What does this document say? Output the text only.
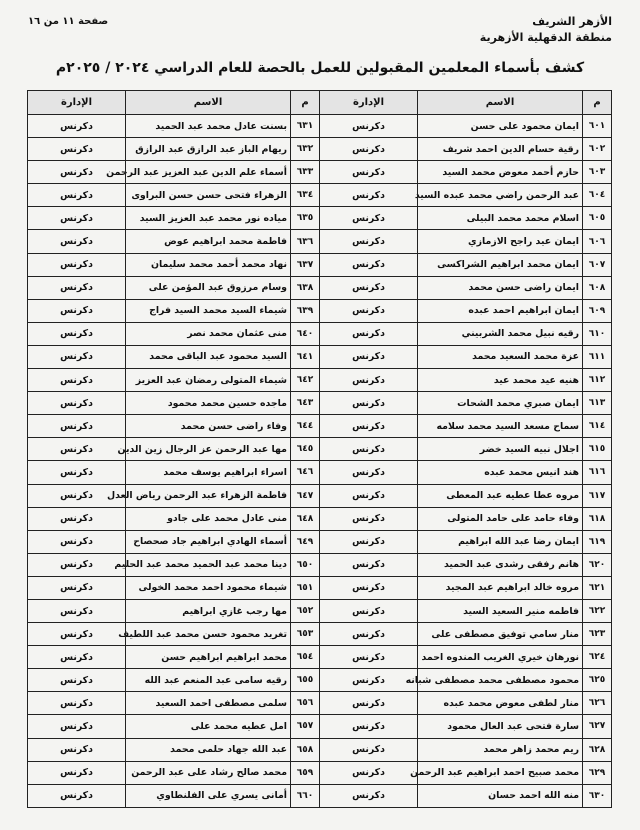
الأزهر الشريف
منطقة الدقهلية الأزهرية
صفحة ١١ من ١٦
كشف بأسماء المعلمين المقبولين للعمل بالحصة للعام الدراسي ٢٠٢٤ / ٢٠٢٥م
م
الاسم
الإدارة
٦٠١
ايمان محمود على حسن
دكرنس
٦٠٢
رقية حسام الدين احمد شريف
دكرنس
٦٠٣
حازم أحمد معوض محمد السيد
دكرنس
٦٠٤
عبد الرحمن راضي محمد عبده السيد
دكرنس
٦٠٥
اسلام محمد محمد البيلى
دكرنس
٦٠٦
ايمان عيد راجح الازمازي
دكرنس
٦٠٧
ايمان محمد ابراهيم الشراكسى
دكرنس
٦٠٨
ايمان راضى حسن محمد
دكرنس
٦٠٩
ايمان ابراهيم احمد عبده
دكرنس
٦١٠
رقيه نبيل محمد الشربيني
دكرنس
٦١١
عزة محمد السعيد محمد
دكرنس
٦١٢
هنيه عيد محمد عيد
دكرنس
٦١٣
ايمان صبري محمد الشحات
دكرنس
٦١٤
سماح مسعد السيد محمد سلامه
دكرنس
٦١٥
اجلال نبيه السيد خضر
دكرنس
٦١٦
هند انيس محمد عبده
دكرنس
٦١٧
مروه عطا عطيه عبد المعطى
دكرنس
٦١٨
وفاء حامد على حامد المتولى
دكرنس
٦١٩
ايمان رضا عبد الله ابراهيم
دكرنس
٦٢٠
هانم رفقى رشدى عبد الحميد
دكرنس
٦٢١
مروه خالد ابراهيم عبد المجيد
دكرنس
٦٢٢
فاطمه منير السعيد السيد
دكرنس
٦٢٣
منار سامي توفيق مصطفى على
دكرنس
٦٢٤
نورهان خيري الغريب المندوه احمد
دكرنس
٦٢٥
محمود مصطفى محمد مصطفى شبانه
دكرنس
٦٢٦
منار لطفى معوض محمد عبده
دكرنس
٦٢٧
سارة فتحى عبد العال محمود
دكرنس
٦٢٨
ريم محمد زاهر محمد
دكرنس
٦٢٩
محمد صبيح احمد ابراهيم عبد الرحمن
دكرنس
٦٣٠
منه الله احمد حسان
دكرنس
م
الاسم
الإدارة
٦٣١
بسنت عادل محمد عبد الحميد
دكرنس
٦٣٢
ريهام الباز عبد الرازق عبد الرازق
دكرنس
٦٣٣
أسماء علم الدين عبد العزيز عبد الرحمن
دكرنس
٦٣٤
الزهراء فتحى حسن حسن البراوى
دكرنس
٦٣٥
مياده نور محمد عبد العزيز السيد
دكرنس
٦٣٦
فاطمة محمد ابراهيم عوض
دكرنس
٦٣٧
نهاد محمد أحمد محمد سليمان
دكرنس
٦٣٨
وسام مرزوق عبد المؤمن على
دكرنس
٦٣٩
شيماء السيد محمد السيد فراج
دكرنس
٦٤٠
منى عثمان محمد نصر
دكرنس
٦٤١
السيد محمود عبد الباقى محمد
دكرنس
٦٤٢
شيماء المتولى رمضان عبد العزيز
دكرنس
٦٤٣
ماجده حسين محمد محمود
دكرنس
٦٤٤
وفاء راضى حسن محمد
دكرنس
٦٤٥
مها عبد الرحمن عز الرجال زين الدين
دكرنس
٦٤٦
اسراء ابراهيم يوسف محمد
دكرنس
٦٤٧
فاطمة الزهراء عبد الرحمن رياض العدل
دكرنس
٦٤٨
منى عادل محمد على جادو
دكرنس
٦٤٩
أسماء الهادي ابراهيم جاد صحصاح
دكرنس
٦٥٠
دينا محمد عبد الحميد محمد عبد الحليم
دكرنس
٦٥١
شيماء محمود احمد محمد الخولى
دكرنس
٦٥٢
مها رجب غازي ابراهيم
دكرنس
٦٥٣
تغريد محمود حسن محمد عبد اللطيف
دكرنس
٦٥٤
محمد ابراهيم ابراهيم حسن
دكرنس
٦٥٥
رقيه سامى عبد المنعم عبد الله
دكرنس
٦٥٦
سلمى مصطفى احمد السعيد
دكرنس
٦٥٧
امل عطيه محمد على
دكرنس
٦٥٨
عبد الله جهاد حلمى محمد
دكرنس
٦٥٩
محمد صالح رشاد على عبد الرحمن
دكرنس
٦٦٠
أمانى يسري على الفلنطاوي
دكرنس
